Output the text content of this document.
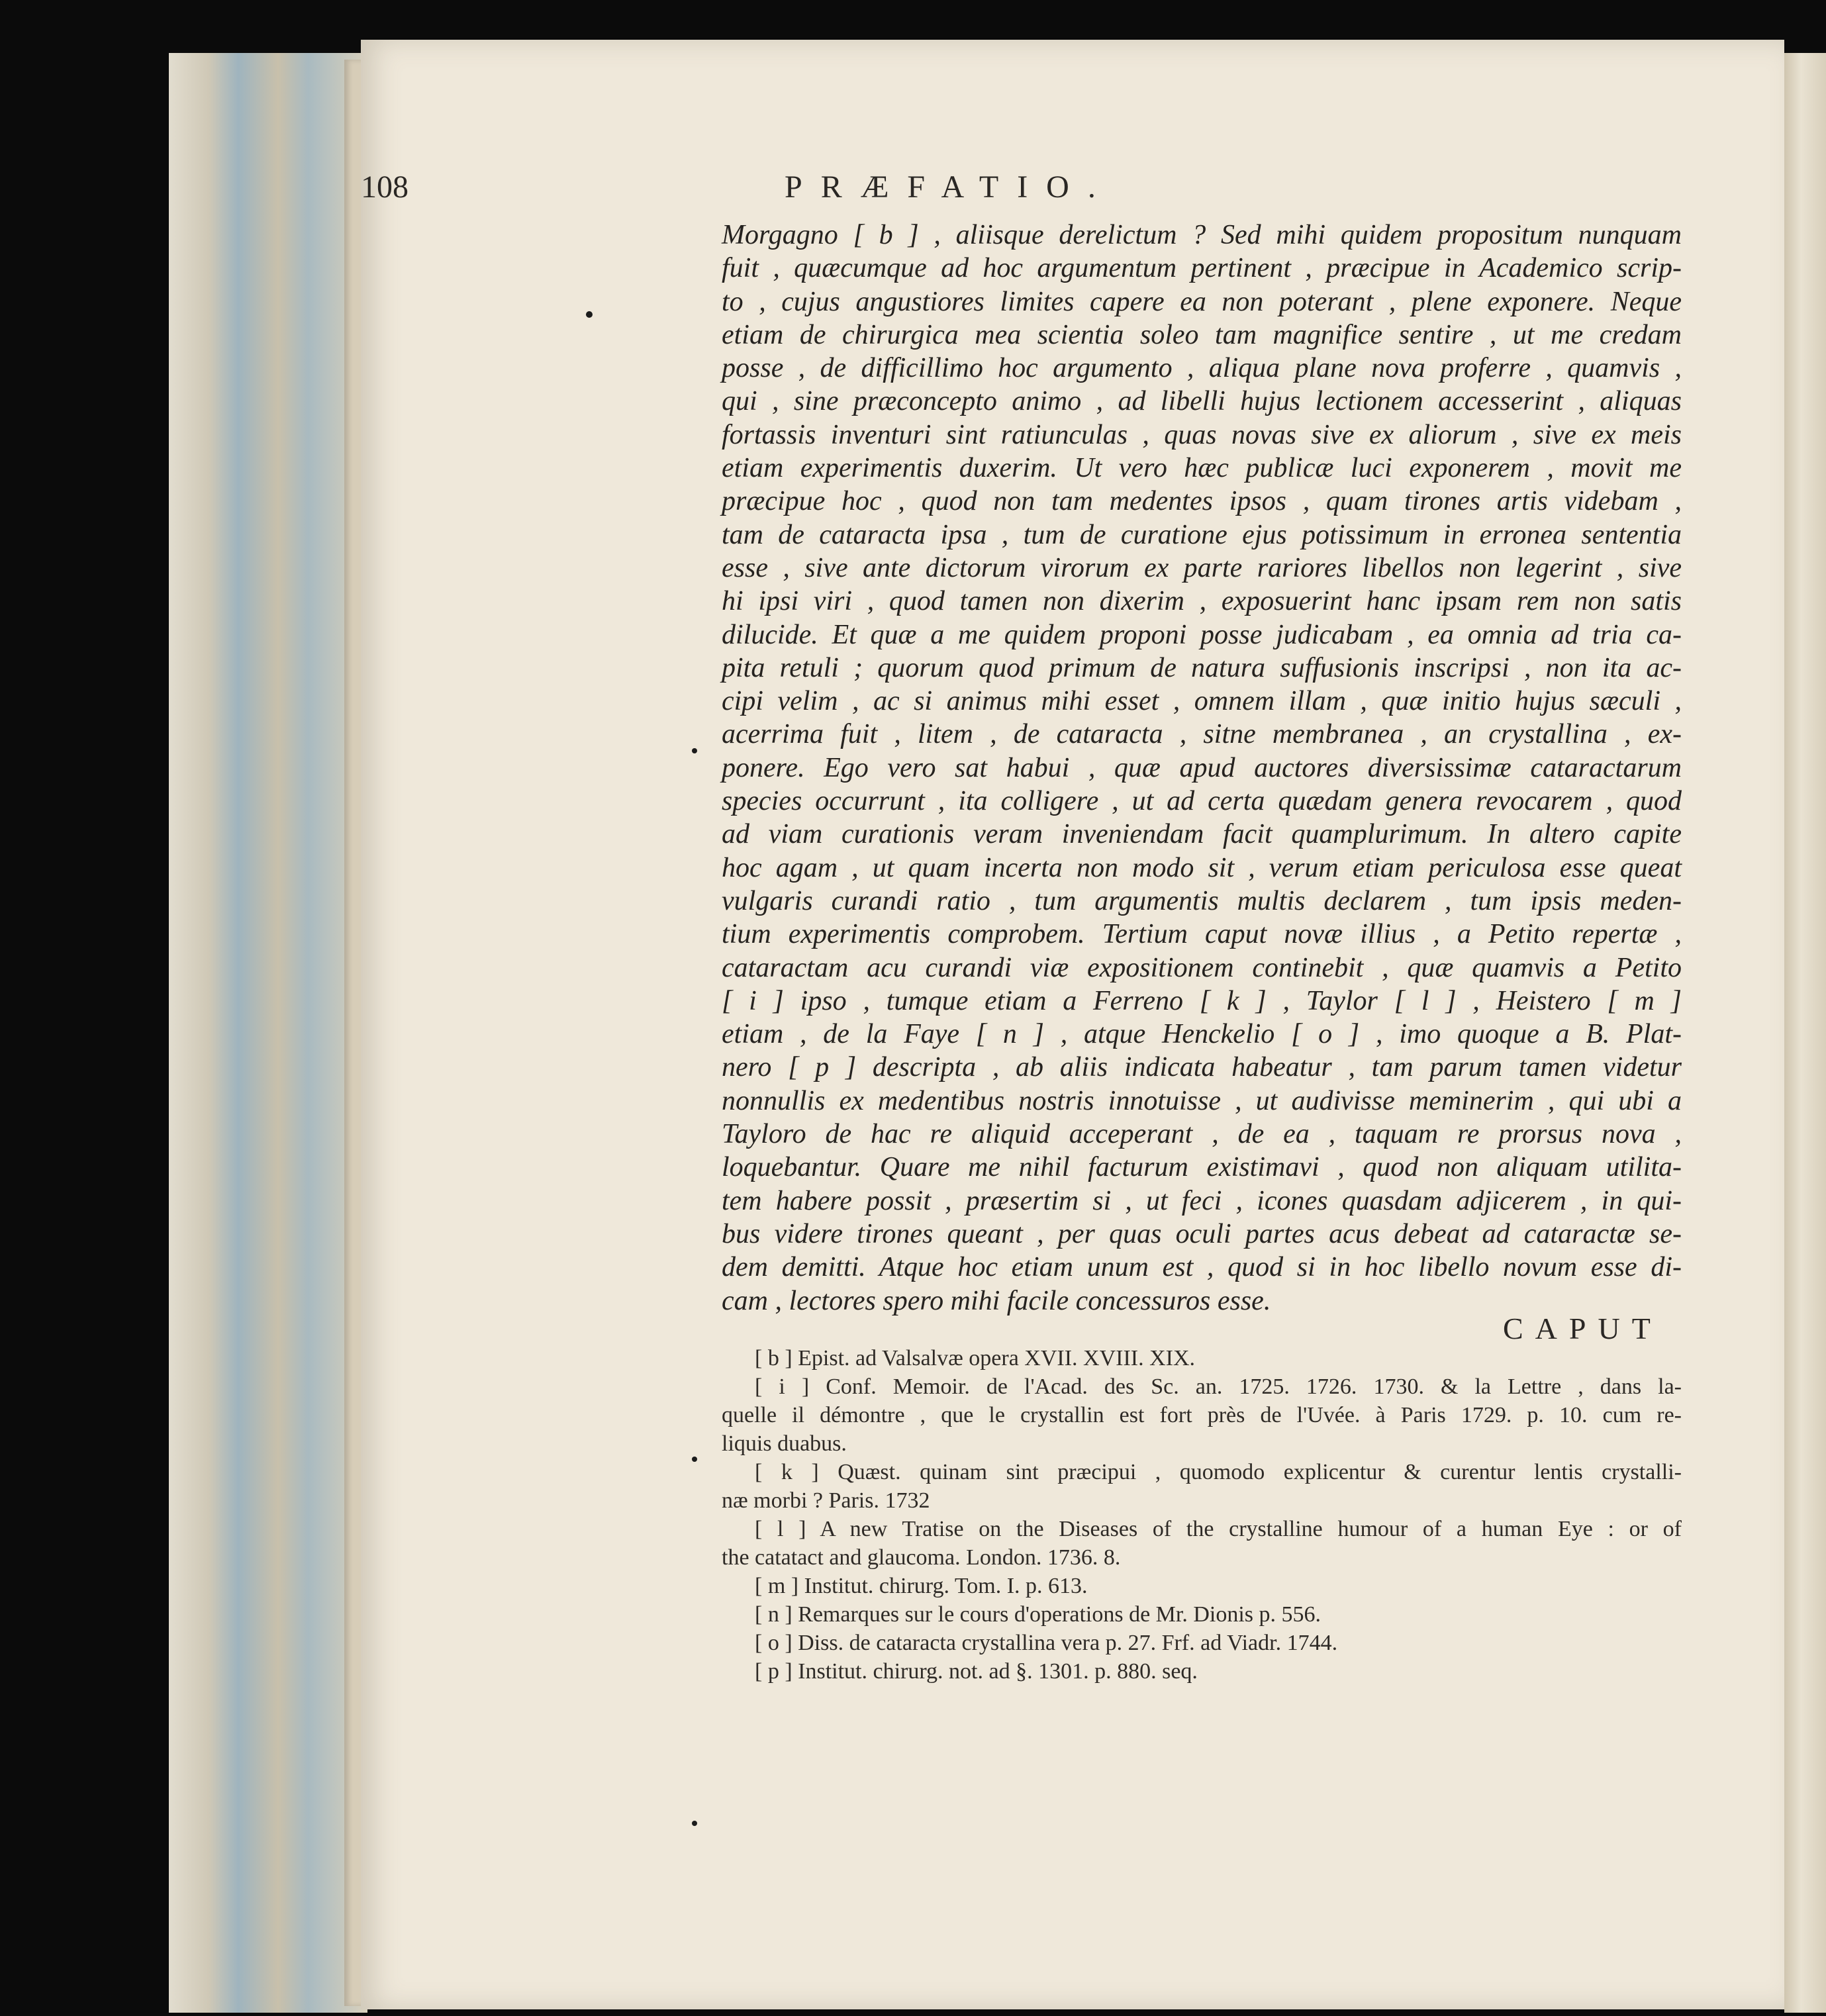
108	PRÆFATIO.
Morgagno [ b ] , aliisque derelictum ? Sed mihi quidem propositum nunquam
fuit , quæcumque ad hoc argumentum pertinent , præcipue in Academico scrip-
to , cujus angustiores limites capere ea non poterant , plene exponere. Neque
etiam de chirurgica mea scientia soleo tam magnifice sentire , ut me credam
posse , de difficillimo hoc argumento , aliqua plane nova proferre , quamvis ,
qui , sine præconcepto animo , ad libelli hujus lectionem accesserint , aliquas
fortassis inventuri sint ratiunculas , quas novas sive ex aliorum , sive ex meis
etiam experimentis duxerim. Ut vero hæc publicæ luci exponerem , movit me
præcipue hoc , quod non tam medentes ipsos , quam tirones artis videbam ,
tam de cataracta ipsa , tum de curatione ejus potissimum in erronea sententia
esse , sive ante dictorum virorum ex parte rariores libellos non legerint , sive
hi ipsi viri , quod tamen non dixerim , exposuerint hanc ipsam rem non satis
dilucide. Et quæ a me quidem proponi posse judicabam , ea omnia ad tria ca-
pita retuli ; quorum quod primum de natura suffusionis inscripsi , non ita ac-
cipi velim , ac si animus mihi esset , omnem illam , quæ initio hujus sæculi ,
acerrima fuit , litem , de cataracta , sitne membranea , an crystallina , ex-
ponere. Ego vero sat habui , quæ apud auctores diversissimæ cataractarum
species occurrunt , ita colligere , ut ad certa quædam genera revocarem , quod
ad viam curationis veram inveniendam facit quamplurimum. In altero capite
hoc agam , ut quam incerta non modo sit , verum etiam periculosa esse queat
vulgaris curandi ratio , tum argumentis multis declarem , tum ipsis meden-
tium experimentis comprobem. Tertium caput novæ illius , a Petito repertæ ,
cataractam acu curandi viæ expositionem continebit , quæ quamvis a Petito
[ i ] ipso , tumque etiam a Ferreno [ k ] , Taylor [ l ] , Heistero [ m ]
etiam , de la Faye [ n ] , atque Henckelio [ o ] , imo quoque a B. Plat-
nero [ p ] descripta , ab aliis indicata habeatur , tam parum tamen videtur
nonnullis ex medentibus nostris innotuisse , ut audivisse meminerim , qui ubi a
Tayloro de hac re aliquid acceperant , de ea , taquam re prorsus nova ,
loquebantur. Quare me nihil facturum existimavi , quod non aliquam utilita-
tem habere possit , præsertim si , ut feci , icones quasdam adjicerem , in qui-
bus videre tirones queant , per quas oculi partes acus debeat ad cataractæ se-
dem demitti. Atque hoc etiam unum est , quod si in hoc libello novum esse di-
cam , lectores spero mihi facile concessuros esse.
CAPUT
[ b ] Epist. ad Valsalvæ opera XVII. XVIII. XIX.
[ i ] Conf. Memoir. de l'Acad. des Sc. an. 1725. 1726. 1730. & la Lettre , dans la-
quelle il démontre , que le crystallin est fort près de l'Uvée. à Paris 1729. p. 10. cum re-
liquis duabus.
[ k ] Quæst. quinam sint præcipui , quomodo explicentur & curentur lentis crystalli-
næ morbi ? Paris. 1732
[ l ] A new Tratise on the Diseases of the crystalline humour of a human Eye : or of
the catatact and glaucoma. London. 1736. 8.
[ m ] Institut. chirurg. Tom. I. p. 613.
[ n ] Remarques sur le cours d'operations de Mr. Dionis p. 556.
[ o ] Diss. de cataracta crystallina vera p. 27. Frf. ad Viadr. 1744.
[ p ] Institut. chirurg. not. ad §. 1301. p. 880. seq.
